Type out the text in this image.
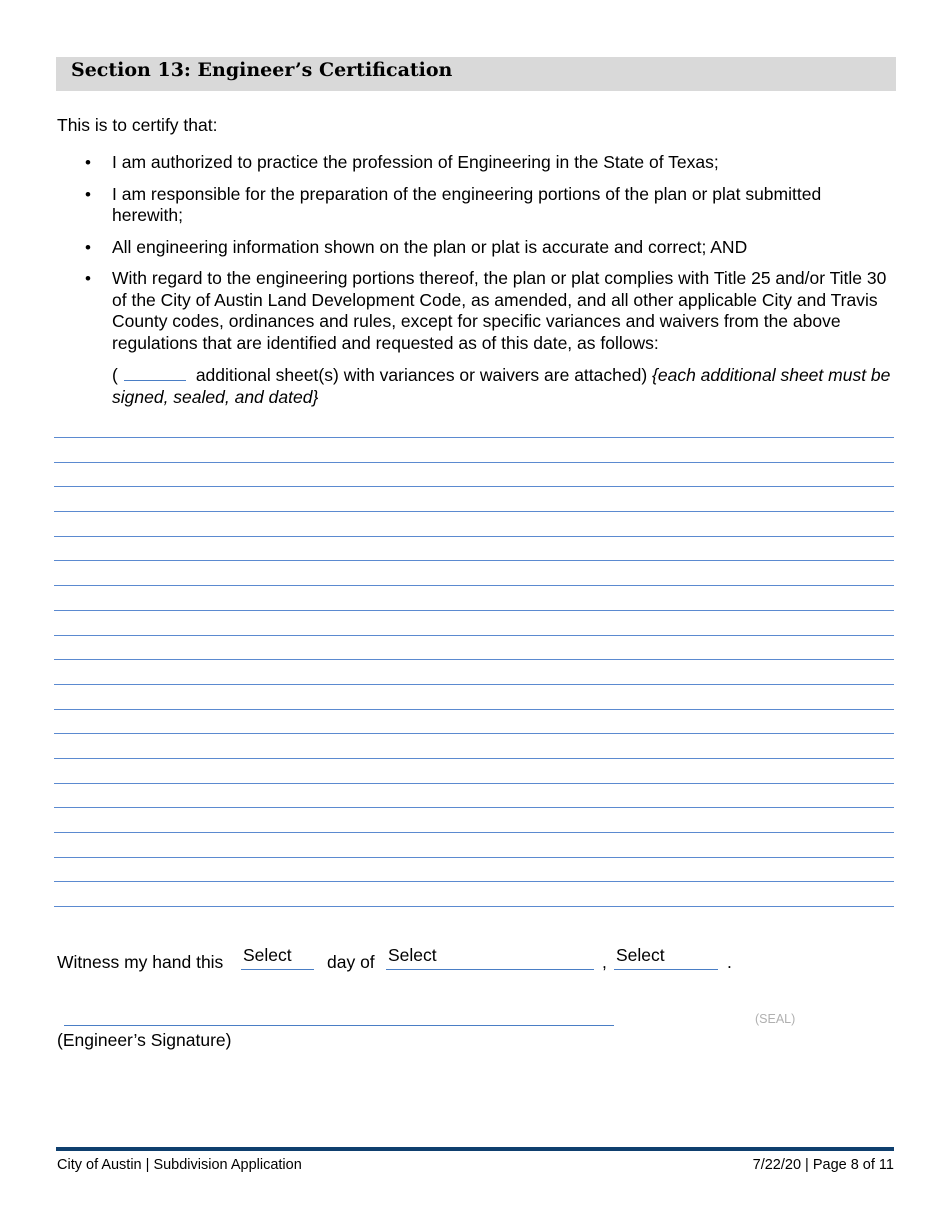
Section 13: Engineer’s Certification
This is to certify that:
• I am authorized to practice the profession of Engineering in the State of Texas;
• I am responsible for the preparation of the engineering portions of the plan or plat submitted herewith;
• All engineering information shown on the plan or plat is accurate and correct; AND
• With regard to the engineering portions thereof, the plan or plat complies with Title 25 and/or Title 30 of the City of Austin Land Development Code, as amended, and all other applicable City and Travis County codes, ordinances and rules, except for specific variances and waivers from the above regulations that are identified and requested as of this date, as follows:
(	additional sheet(s) with variances or waivers are attached) {each additional sheet must be signed, sealed, and dated}
Witness my hand this Select	day of Select	, Select	.
(SEAL)
(Engineer’s Signature)
City of Austin | Subdivision Application	7/22/20 | Page 8 of 11
